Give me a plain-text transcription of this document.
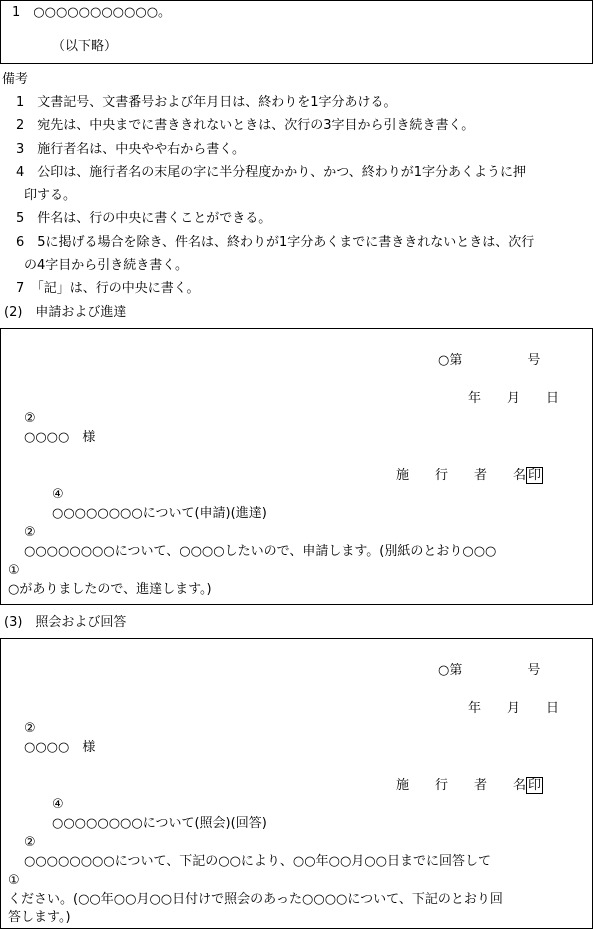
1　○○○○○○○○○○○。
（以下略）
備考
1　文書記号、文書番号および年月日は、終わりを1字分あける。
2　宛先は、中央までに書ききれないときは、次行の3字目から引き続き書く。
3　施行者名は、中央やや右から書く。
4　公印は、施行者名の末尾の字に半分程度かかり、かつ、終わりが1字分あくように押
印する。
5　件名は、行の中央に書くことができる。
6　5に掲げる場合を除き、件名は、終わりが1字分あくまでに書ききれないときは、次行
の4字目から引き続き書く。
7　「記」は、行の中央に書く。
(2)　申請および進達
○第　　　　　号
年　　月　　日
②
○○○○　様
施　　行　　者　　名 印
④
○○○○○○○○について(申請)(進達)
②
○○○○○○○○について、○○○○したいので、申請します。(別紙のとおり○○○
①
○がありましたので、進達します。)
(3)　照会および回答
○第　　　　　号
年　　月　　日
②
○○○○　様
施　　行　　者　　名 印
④
○○○○○○○○について(照会)(回答)
②
○○○○○○○○について、下記の○○により、○○年○○月○○日までに回答して
①
ください。(○○年○○月○○日付けで照会のあった○○○○について、下記のとおり回
答します。)
